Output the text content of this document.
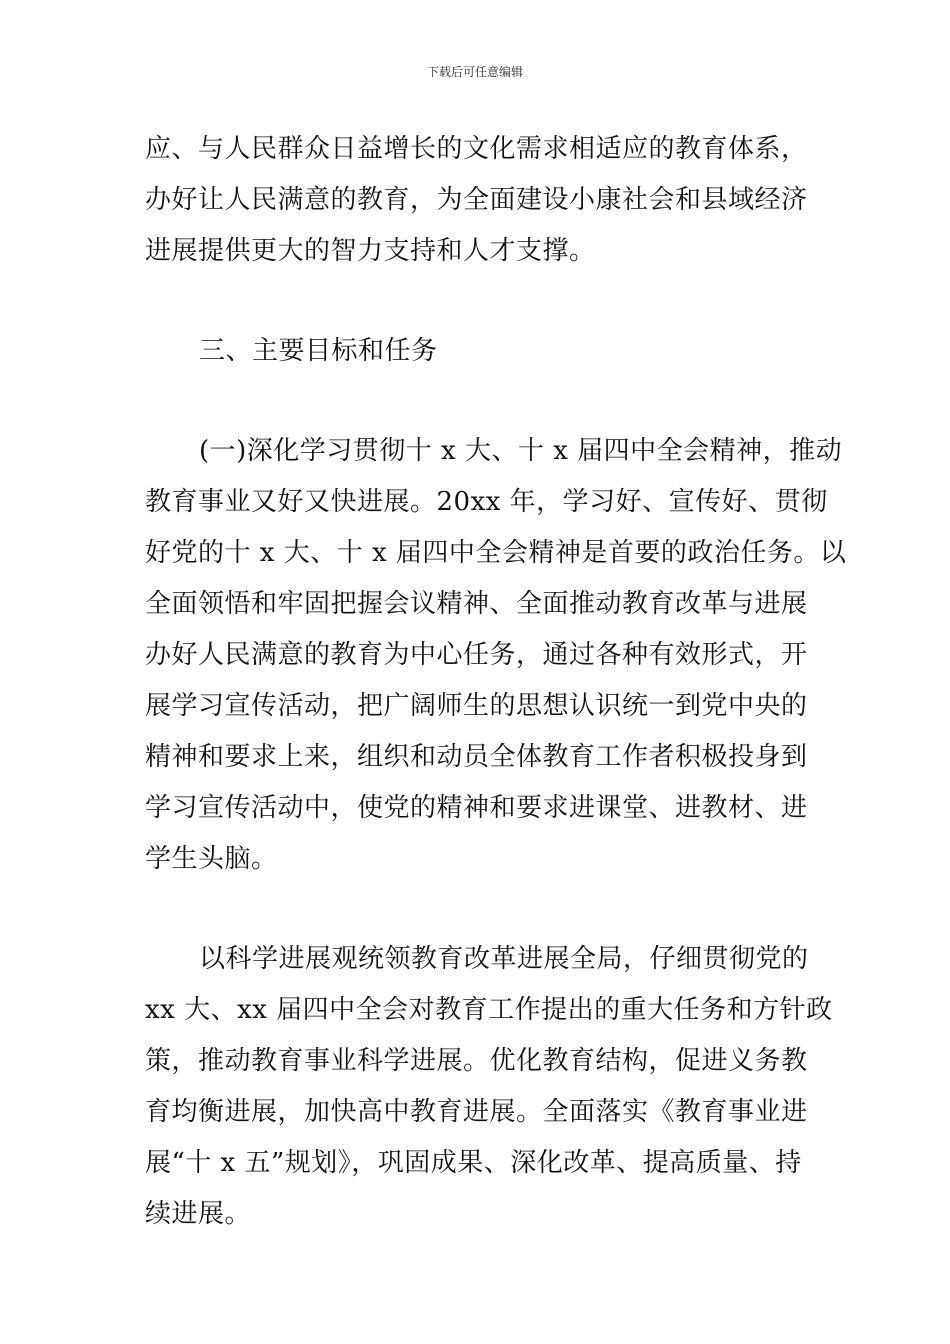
下载后可任意编辑

应、与人民群众日益增长的文化需求相适应的教育体系，
办好让人民满意的教育，为全面建设小康社会和县域经济
进展提供更大的智力支持和人才支撑。

三、主要目标和任务

(一)深化学习贯彻十 x 大、十 x 届四中全会精神，推动
教育事业又好又快进展。20xx 年，学习好、宣传好、贯彻
好党的十 x 大、十 x 届四中全会精神是首要的政治任务。以
全面领悟和牢固把握会议精神、全面推动教育改革与进展
办好人民满意的教育为中心任务，通过各种有效形式，开
展学习宣传活动，把广阔师生的思想认识统一到党中央的
精神和要求上来，组织和动员全体教育工作者积极投身到
学习宣传活动中，使党的精神和要求进课堂、进教材、进
学生头脑。

以科学进展观统领教育改革进展全局，仔细贯彻党的
xx 大、xx 届四中全会对教育工作提出的重大任务和方针政
策，推动教育事业科学进展。优化教育结构，促进义务教
育均衡进展，加快高中教育进展。全面落实《教育事业进
展“十 x 五”规划》，巩固成果、深化改革、提高质量、持
续进展。
